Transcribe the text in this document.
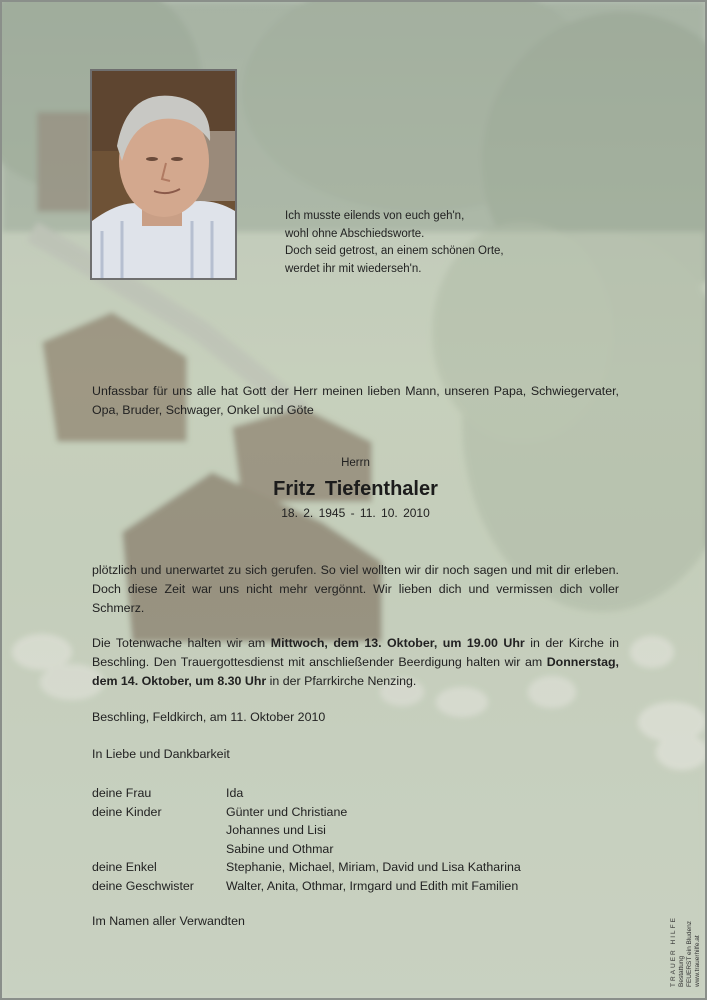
Ich musste eilends von euch geh'n,
wohl ohne Abschiedsworte.
Doch seid getrost, an einem schönen Orte,
werdet ihr mit wiederseh'n.
Unfassbar für uns alle hat Gott der Herr meinen lieben Mann, unseren Papa, Schwiegervater, Opa, Bruder, Schwager, Onkel und Göte
Herrn
Fritz Tiefenthaler
18. 2. 1945 - 11. 10. 2010
plötzlich und unerwartet zu sich gerufen. So viel wollten wir dir noch sagen und mit dir erleben. Doch diese Zeit war uns nicht mehr vergönnt. Wir lieben dich und vermissen dich voller Schmerz.
Die Totenwache halten wir am Mittwoch, dem 13. Oktober, um 19.00 Uhr in der Kirche in Beschling. Den Trauergottesdienst mit anschließender Beerdigung halten wir am Donnerstag, dem 14. Oktober, um 8.30 Uhr in der Pfarrkirche Nenzing.
Beschling, Feldkirch, am 11. Oktober 2010
In Liebe und Dankbarkeit
deine Frau	Ida
deine Kinder	Günter und Christiane
Johannes und Lisi
Sabine und Othmar
deine Enkel	Stephanie, Michael, Miriam, David und Lisa Katharina
deine Geschwister	Walter, Anita, Othmar, Irmgard und Edith mit Familien
Im Namen aller Verwandten	TRAUER HILFE Bestattung FEUERST ein Bludenz www.trauerhilfe.at
